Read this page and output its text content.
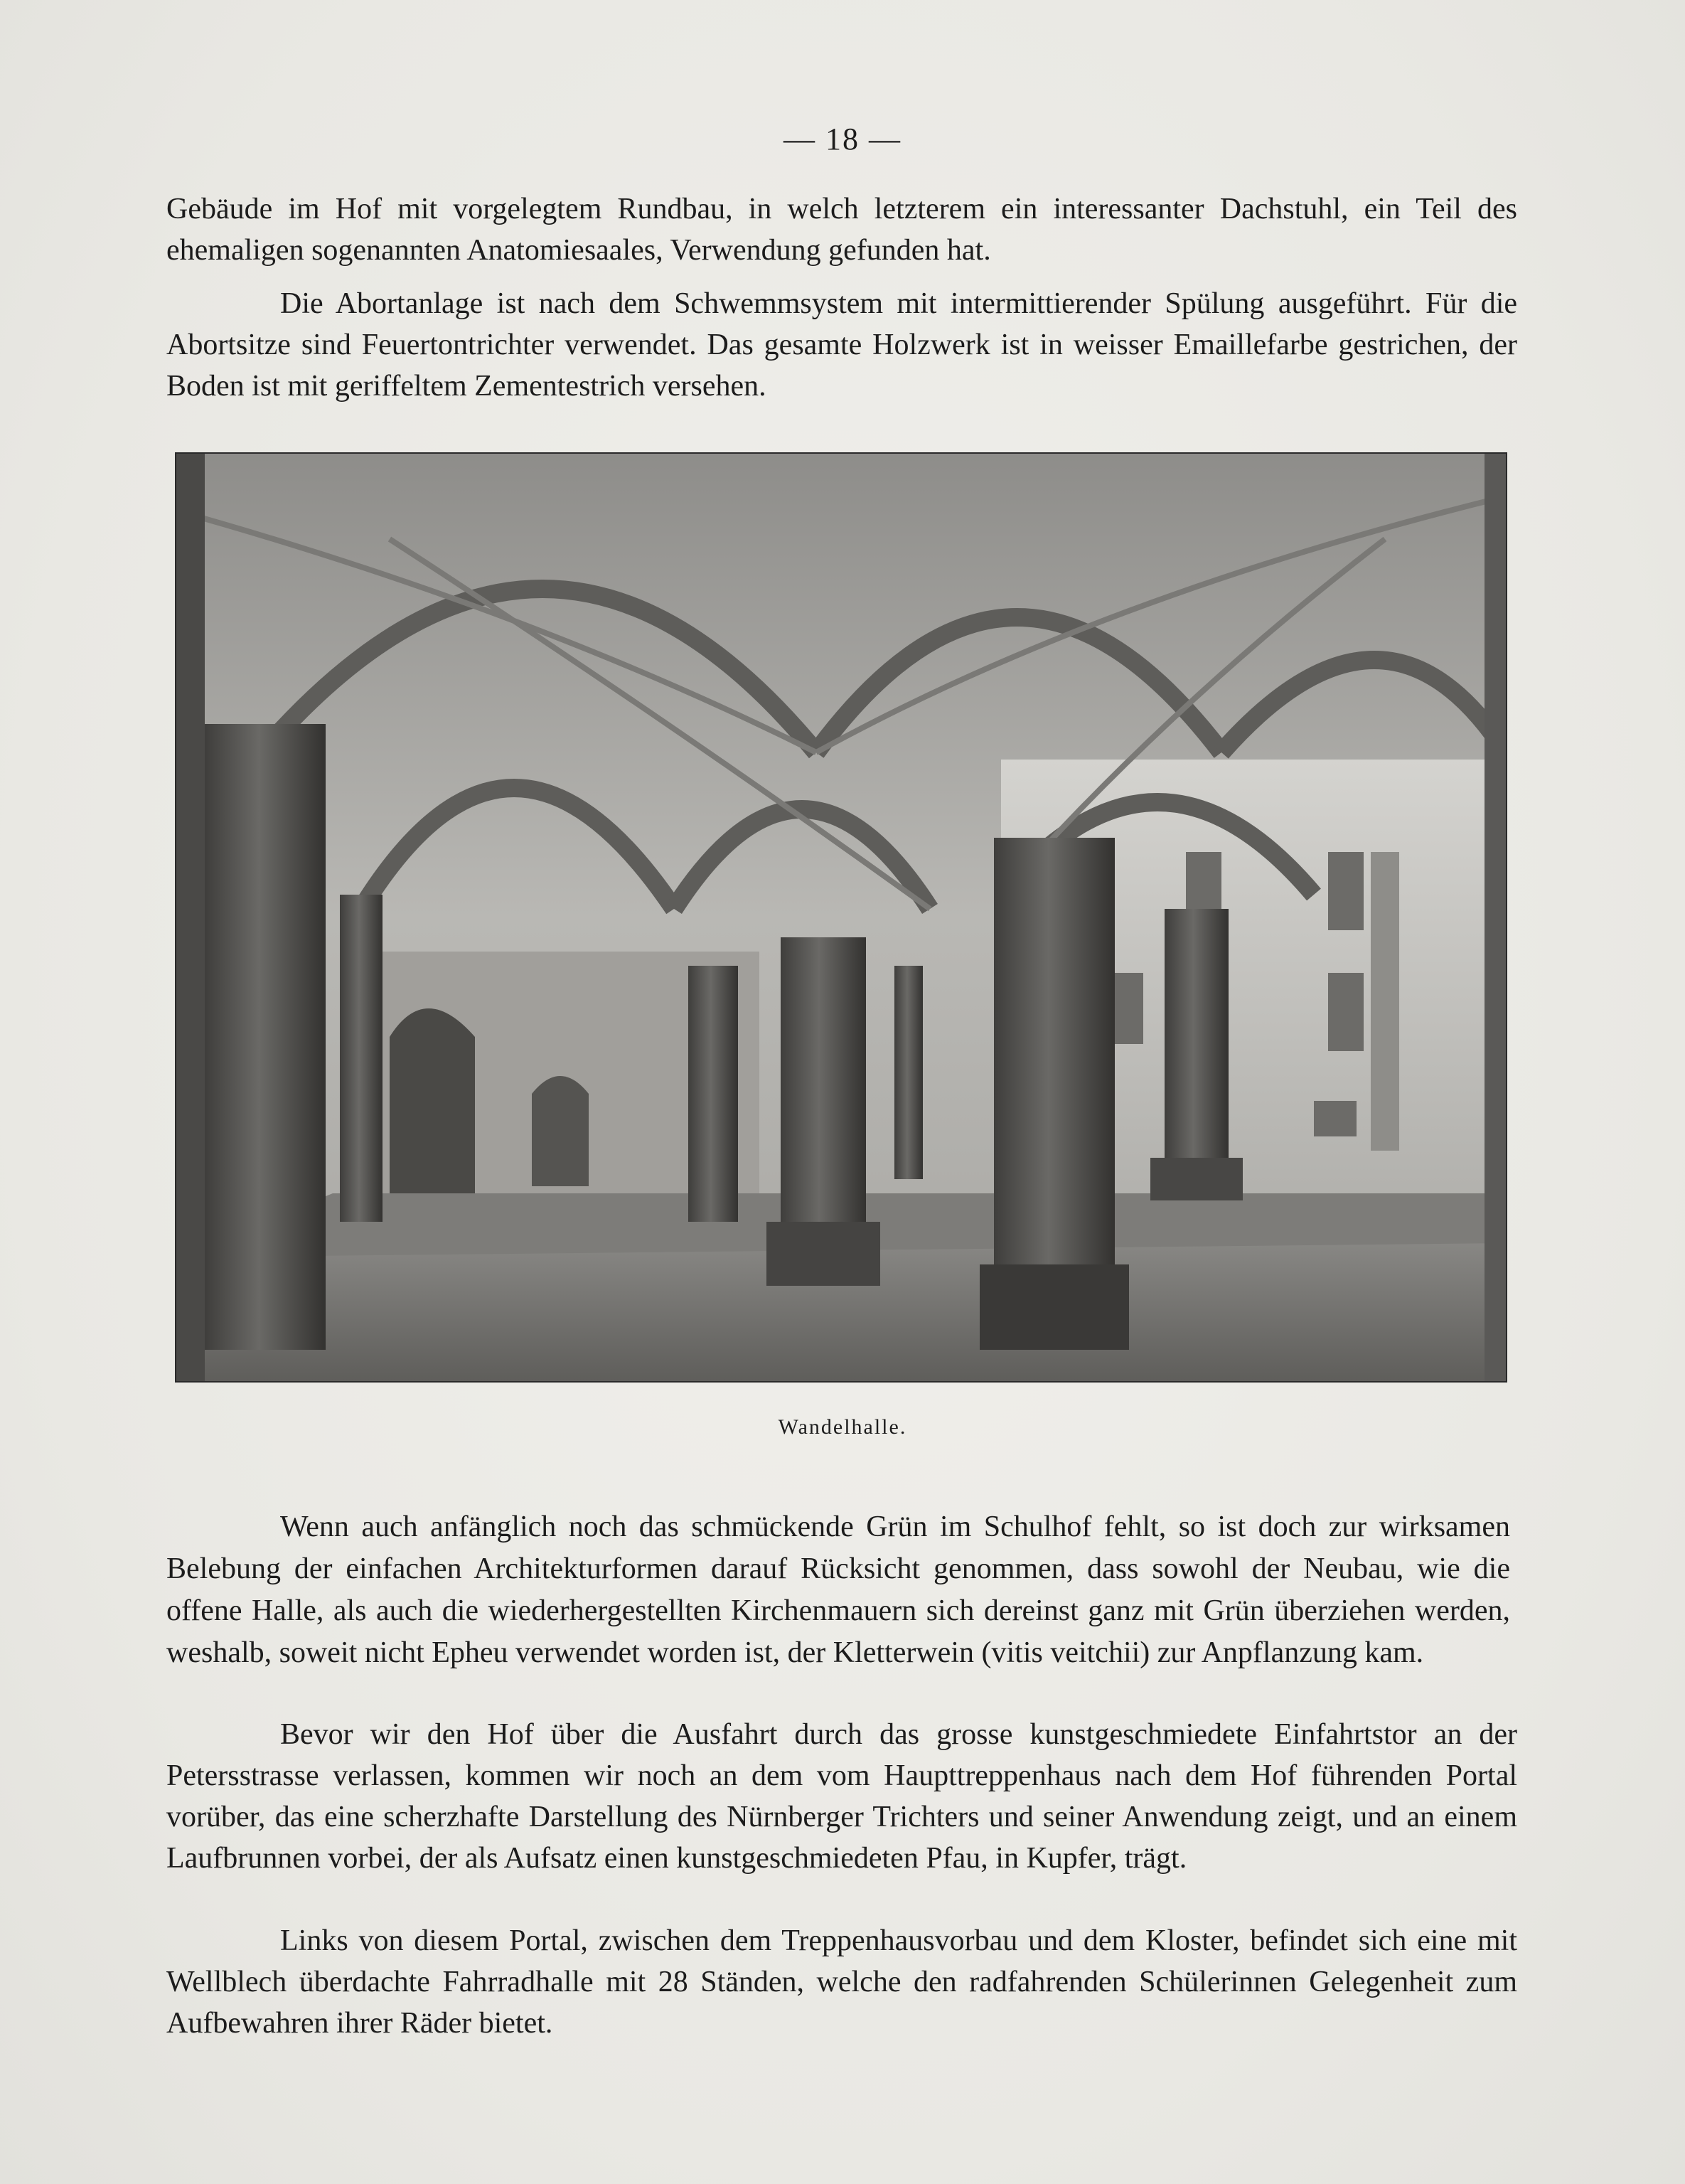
— 18 —

Gebäude im Hof mit vorgelegtem Rundbau, in welch letzterem ein interessanter Dachstuhl, ein Teil des ehemaligen sogenannten Anatomiesaales, Verwendung gefunden hat.

Die Abortanlage ist nach dem Schwemmsystem mit intermittierender Spülung ausgeführt. Für die Abortsitze sind Feuertontrichter verwendet. Das gesamte Holzwerk ist in weisser Emaillefarbe gestrichen, der Boden ist mit geriffeltem Zementestrich versehen.

Wandelhalle.

Wenn auch anfänglich noch das schmückende Grün im Schulhof fehlt, so ist doch zur wirksamen Belebung der einfachen Architekturformen darauf Rücksicht genommen, dass sowohl der Neubau, wie die offene Halle, als auch die wiederhergestellten Kirchenmauern sich dereinst ganz mit Grün überziehen werden, weshalb, soweit nicht Epheu verwendet worden ist, der Kletterwein (vitis veitchii) zur Anpflanzung kam.

Bevor wir den Hof über die Ausfahrt durch das grosse kunstgeschmiedete Einfahrtstor an der Petersstrasse verlassen, kommen wir noch an dem vom Haupttreppenhaus nach dem Hof führenden Portal vorüber, das eine scherzhafte Darstellung des Nürnberger Trichters und seiner Anwendung zeigt, und an einem Laufbrunnen vorbei, der als Aufsatz einen kunstgeschmiedeten Pfau, in Kupfer, trägt.

Links von diesem Portal, zwischen dem Treppenhausvorbau und dem Kloster, befindet sich eine mit Wellblech überdachte Fahrradhalle mit 28 Ständen, welche den radfahrenden Schülerinnen Gelegenheit zum Aufbewahren ihrer Räder bietet.
